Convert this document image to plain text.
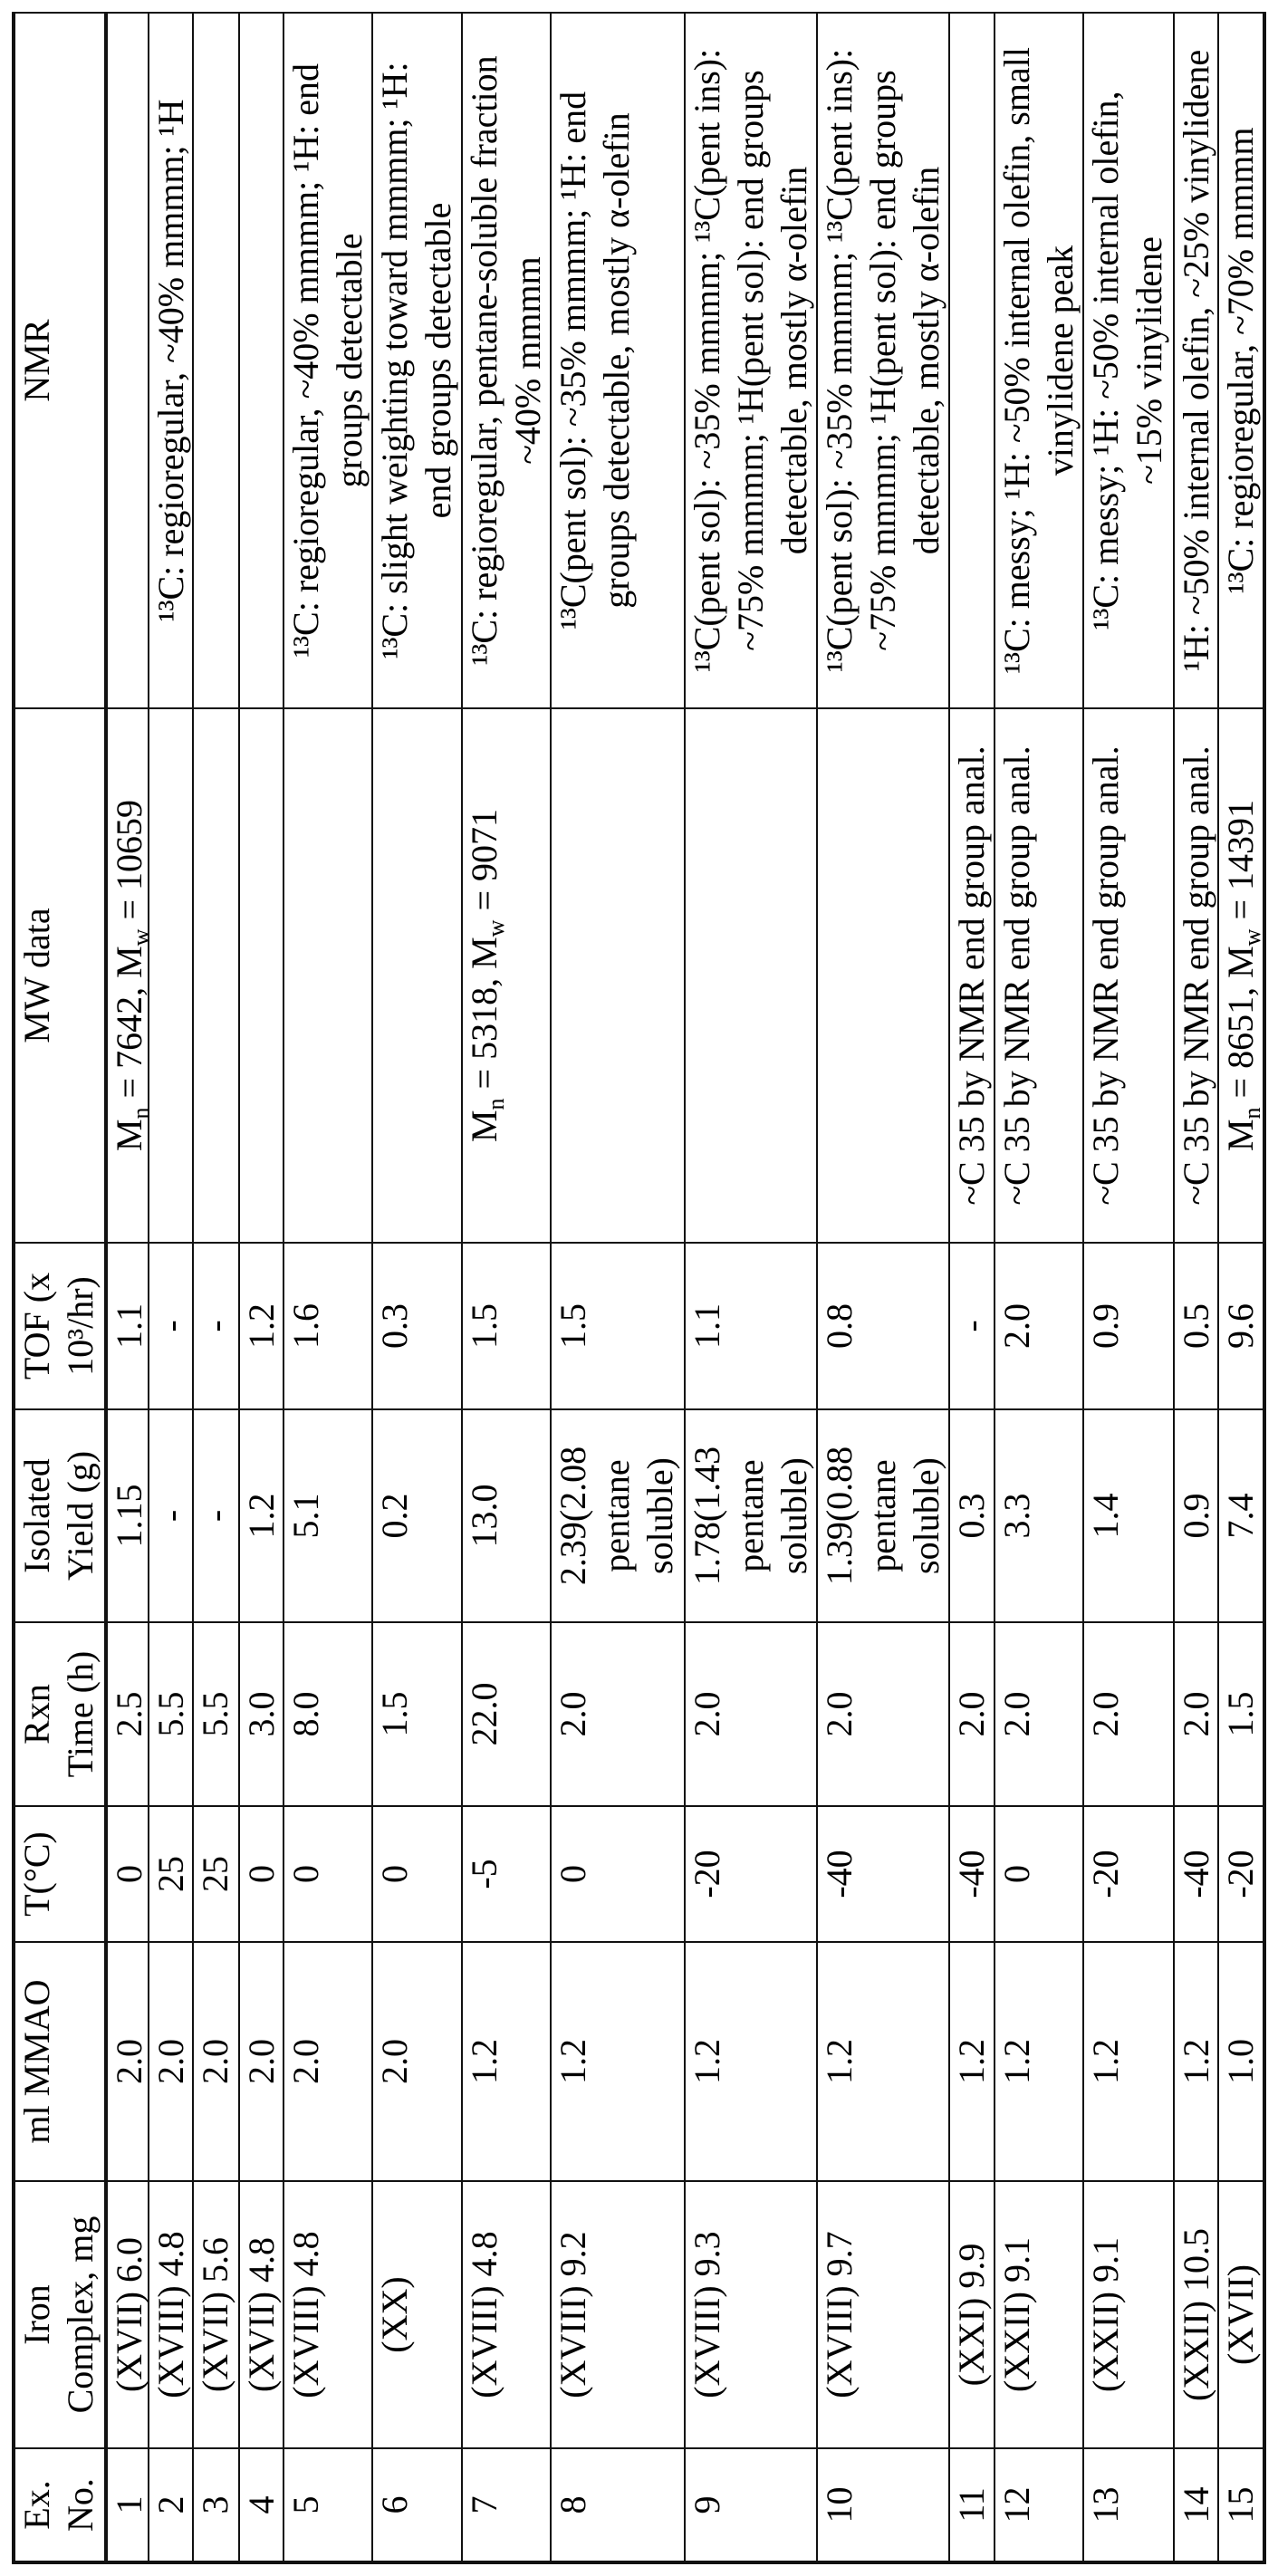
Ex.
No.
Iron
Complex, mg
ml MMAO
T(°C)
Rxn
Time (h)
Isolated
Yield (g)
TOF (x
10³/hr)
MW data
NMR
1
(XVII) 6.0
2.0
0
2.5
1.15
1.1
$M_n = 7642$, $M_w = 10659$
2
(XVIII) 4.8
2.0
25
5.5
-
-
¹³C: regioregular, ~40% mmmm; ¹H
3
(XVII) 5.6
2.0
25
5.5
-
-
4
(XVII) 4.8
2.0
0
3.0
1.2
1.2
5
(XVIII) 4.8
2.0
0
8.0
5.1
1.6
¹³C: regioregular, ~40% mmmm; ¹H: end
groups detectable
6
(XX)
2.0
0
1.5
0.2
0.3
¹³C: slight weighting toward mmmm; ¹H:
end groups detectable
7
(XVIII) 4.8
1.2
-5
22.0
13.0
1.5
$M_n = 5318$, $M_w = 9071$
¹³C: regioregular, pentane-soluble fraction
~40% mmmm
8
(XVIII) 9.2
1.2
0
2.0
2.39(2.08
pentane
soluble)
1.5
¹³C(pent sol): ~35% mmmm; ¹H: end
groups detectable, mostly α-olefin
9
(XVIII) 9.3
1.2
-20
2.0
1.78(1.43
pentane
soluble)
1.1
¹³C(pent sol): ~35% mmmm; ¹³C(pent ins):
~75% mmmm; ¹H(pent sol): end groups
detectable, mostly α-olefin
10
(XVIII) 9.7
1.2
-40
2.0
1.39(0.88
pentane
soluble)
0.8
¹³C(pent sol): ~35% mmmm; ¹³C(pent ins):
~75% mmmm; ¹H(pent sol): end groups
detectable, mostly α-olefin
11
(XXI) 9.9
1.2
-40
2.0
0.3
-
~C 35 by NMR end group anal.
12
(XXII) 9.1
1.2
0
2.0
3.3
2.0
~C 35 by NMR end group anal.
¹³C: messy; ¹H: ~50% internal olefin, small
vinylidene peak
13
(XXII) 9.1
1.2
-20
2.0
1.4
0.9
~C 35 by NMR end group anal.
¹³C: messy; ¹H: ~50% internal olefin,
~15% vinylidene
14
(XXII) 10.5
1.2
-40
2.0
0.9
0.5
~C 35 by NMR end group anal.
¹H: ~50% internal olefin, ~25% vinylidene
15
(XVII)
1.0
-20
1.5
7.4
9.6
$M_n = 8651$, $M_w = 14391$
¹³C: regioregular, ~70% mmmm
